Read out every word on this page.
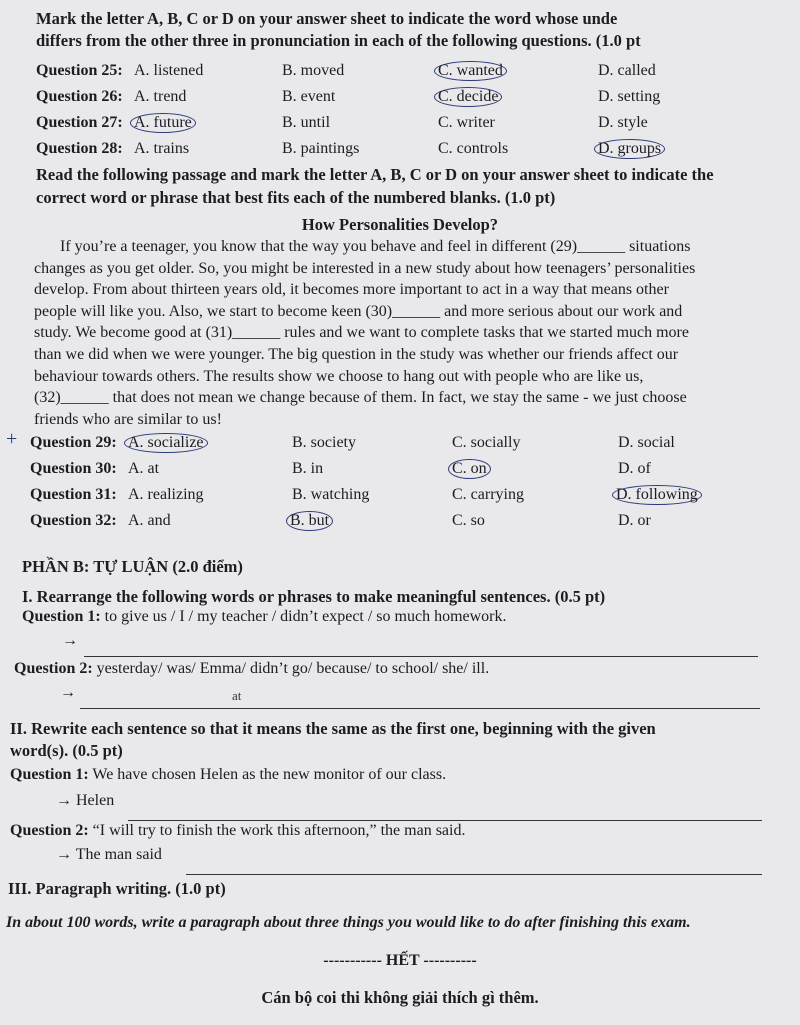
Mark the letter A, B, C or D on your answer sheet to indicate the word whose unde
differs from the other three in pronunciation in each of the following questions. (1.0 pt
Question 25: A. listened	B. moved	C. wanted	D. called
Question 26: A. trend	B. event	C. decide	D. setting
Question 27: A. future	B. until	C. writer	D. style
Question 28: A. trains	B. paintings	C. controls	D. groups
Read the following passage and mark the letter A, B, C or D on your answer sheet to indicate the
correct word or phrase that best fits each of the numbered blanks. (1.0 pt)
How Personalities Develop?
If you’re a teenager, you know that the way you behave and feel in different (29)______ situations
changes as you get older. So, you might be interested in a new study about how teenagers’ personalities
develop. From about thirteen years old, it becomes more important to act in a way that means other
people will like you. Also, we start to become keen (30)______ and more serious about our work and
study. We become good at (31)______ rules and we want to complete tasks that we started much more
than we did when we were younger. The big question in the study was whether our friends affect our
behaviour towards others. The results show we choose to hang out with people who are like us,
(32)______ that does not mean we change because of them. In fact, we stay the same - we just choose
friends who are similar to us!
+ Question 29: A. socialize	B. society	C. socially	D. social
Question 30: A. at	B. in	C. on	D. of
Question 31: A. realizing	B. watching	C. carrying	D. following
Question 32: A. and	B. but	C. so	D. or
PHẦN B: TỰ LUẬN (2.0 điểm)
I. Rearrange the following words or phrases to make meaningful sentences. (0.5 pt)
Question 1: to give us / I / my teacher / didn’t expect / so much homework.
→
Question 2: yesterday/ was/ Emma/ didn’t go/ because/ to school/ she/ ill.
→	at
II. Rewrite each sentence so that it means the same as the first one, beginning with the given
word(s). (0.5 pt)
Question 1: We have chosen Helen as the new monitor of our class.
→ Helen
Question 2: “I will try to finish the work this afternoon,” the man said.
→ The man said
III. Paragraph writing. (1.0 pt)
In about 100 words, write a paragraph about three things you would like to do after finishing this exam.
----------- HẾT ----------
Cán bộ coi thi không giải thích gì thêm.
